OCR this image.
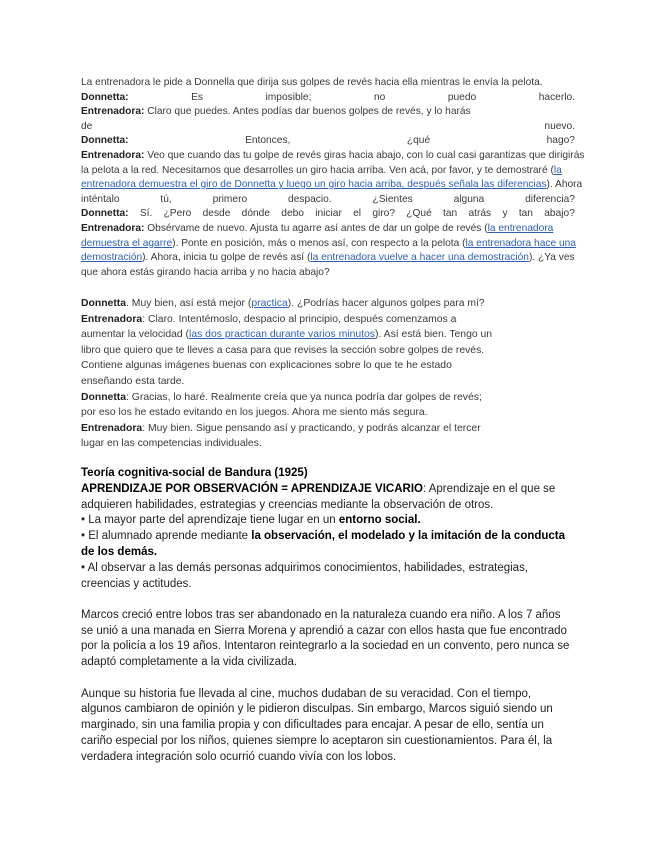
La entrenadora le pide a Donnella que dirija sus golpes de revés hacia ella mientras le envía la pelota.
Donnetta:	Es	imposible;	no	puedo	hacerlo.
Entrenadora: Claro que puedes. Antes podías dar buenos golpes de revés, y lo harás
de	nuevo.
Donnetta:	Entonces,	¿qué	hago?
Entrenadora: Veo que cuando das tu golpe de revés giras hacia abajo, con lo cual casi garantizas que dirigirás
la pelota a la red. Necesitamos que desarrolles un giro hacia arriba. Ven acá, por favor, y te demostraré (la
entrenadora demuestra el giro de Donnetta y luego un giro hacia arriba, después señala las diferencias). Ahora
inténtalo	tú,	primero	despacio.	¿Sientes	alguna	diferencia?
Donnetta: Sí. ¿Pero desde dónde debo iniciar el giro? ¿Qué tan atrás y tan abajo?
Entrenadora: Obsérvame de nuevo. Ajusta tu agarre así antes de dar un golpe de revés (la entrenadora
demuestra el agarre). Ponte en posición, más o menos así, con respecto a la pelota (la entrenadora hace una
demostración). Ahora, inicia tu golpe de revés así (la entrenadora vuelve a hacer una demostración). ¿Ya ves
que ahora estás girando hacia arriba y no hacia abajo?
Donnetta. Muy bien, así está mejor (practica). ¿Podrías hacer algunos golpes para mí?
Entrenadora: Claro. Intentémoslo, despacio al principio, después comenzamos a
aumentar la velocidad (las dos practican durante varios minutos). Así está bien. Tengo un
libro que quiero que te lleves a casa para que revises la sección sobre golpes de revés.
Contiene algunas imágenes buenas con explicaciones sobre lo que te he estado
enseñando esta tarde.
Donnetta: Gracias, lo haré. Realmente creía que ya nunca podría dar golpes de revés;
por eso los he estado evitando en los juegos. Ahora me siento más segura.
Entrenadora: Muy bien. Sigue pensando así y practicando, y podrás alcanzar el tercer
lugar en las competencias individuales.
Teoría cognitiva-social de Bandura (1925)
APRENDIZAJE POR OBSERVACIÓN = APRENDIZAJE VICARIO: Aprendizaje en el que se
adquieren habilidades, estrategias y creencias mediante la observación de otros.
• La mayor parte del aprendizaje tiene lugar en un entorno social.
• El alumnado aprende mediante la observación, el modelado y la imitación de la conducta
de los demás.
• Al observar a las demás personas adquirimos conocimientos, habilidades, estrategias,
creencias y actitudes.
Marcos creció entre lobos tras ser abandonado en la naturaleza cuando era niño. A los 7 años
se unió a una manada en Sierra Morena y aprendió a cazar con ellos hasta que fue encontrado
por la policía a los 19 años. Intentaron reintegrarlo a la sociedad en un convento, pero nunca se
adaptó completamente a la vida civilizada.
Aunque su historia fue llevada al cine, muchos dudaban de su veracidad. Con el tiempo,
algunos cambiaron de opinión y le pidieron disculpas. Sin embargo, Marcos siguió siendo un
marginado, sin una familia propia y con dificultades para encajar. A pesar de ello, sentía un
cariño especial por los niños, quienes siempre lo aceptaron sin cuestionamientos. Para él, la
verdadera integración solo ocurrió cuando vivía con los lobos.
